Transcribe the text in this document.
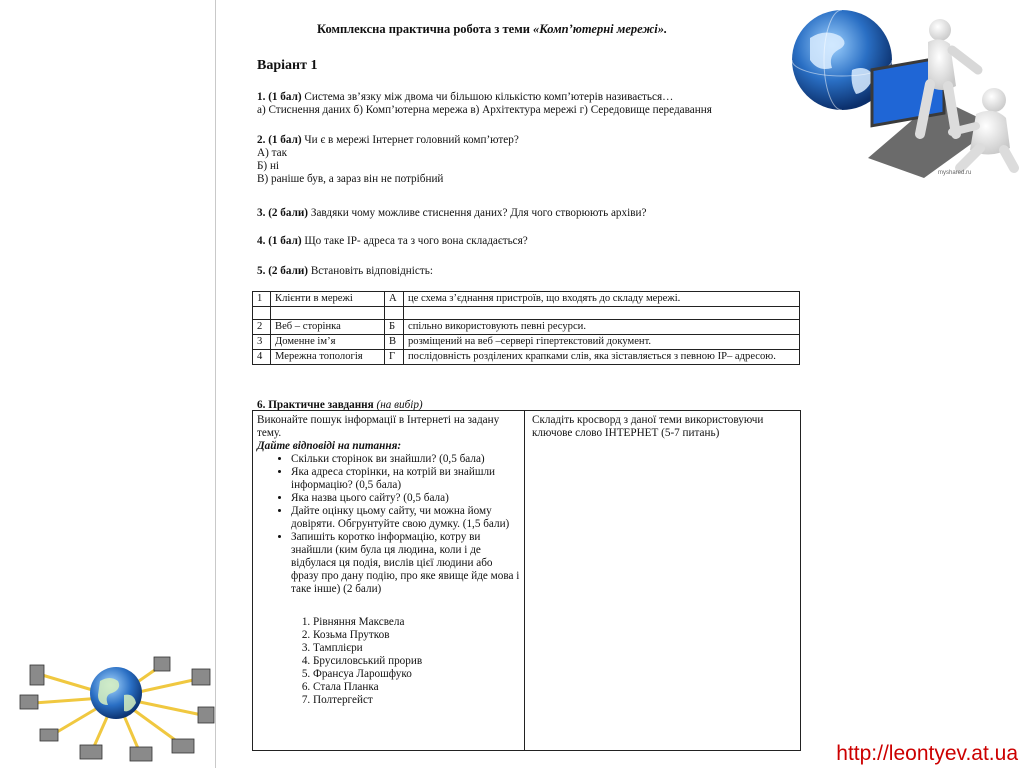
Комплексна практична робота з теми «Комп’ютерні мережі».
Варіант 1
1. (1 бал) Система зв’язку між двома чи більшою кількістю комп’ютерів називається…
а) Стиснення даних б) Комп’ютерна мережа в) Архітектура мережі г) Середовище передавання
2. (1 бал) Чи є в мережі Інтернет головний комп’ютер?
А) так
Б) ні
В) раніше був, а зараз він не потрібний
3. (2 бали) Завдяки чому можливе стиснення даних? Для чого створюють архіви?
4. (1 бал) Що таке IP- адреса та з чого вона складається?
5. (2 бали) Встановіть відповідність:
1	Клієнти в мережі	А	це схема з’єднання пристроїв, що входять до складу мережі.

2	Веб – сторінка	Б	спільно використовують певні ресурси.
3	Доменне ім’я	В	розміщений на веб –сервері гіпертекстовий документ.
4	Мережна топологія	Г	послідовність розділених крапками слів, яка зіставляється з певною IP– адресою.
6. Практичне завдання (на вибір)
Виконайте пошук інформації в Інтернеті на задану тему.
Дайте відповіді на питання:
• Скільки сторінок ви знайшли? (0,5 бала)
• Яка адреса сторінки, на котрій ви знайшли інформацію? (0,5 бала)
• Яка назва цього сайту? (0,5 бала)
• Дайте оцінку цьому сайту, чи можна йому довіряти. Обгрунтуйте свою думку. (1,5 бали)
• Запишіть коротко інформацію, котру ви знайшли (ким була ця людина, коли і де відбулася ця подія, вислів цієї людини або фразу про дану подію, про яке явище йде мова і таке інше) (2 бали)
1. Рівняння Максвела
2. Козьма Прутков
3. Тамплієри
4. Брусиловський прорив
5. Франсуа Ларошфуко
6. Стала Планка
7. Полтергейст
Складіть кросворд з даної теми використовуючи ключове слово ІНТЕРНЕТ (5-7 питань)
myshared.ru
http://leontyev.at.ua
